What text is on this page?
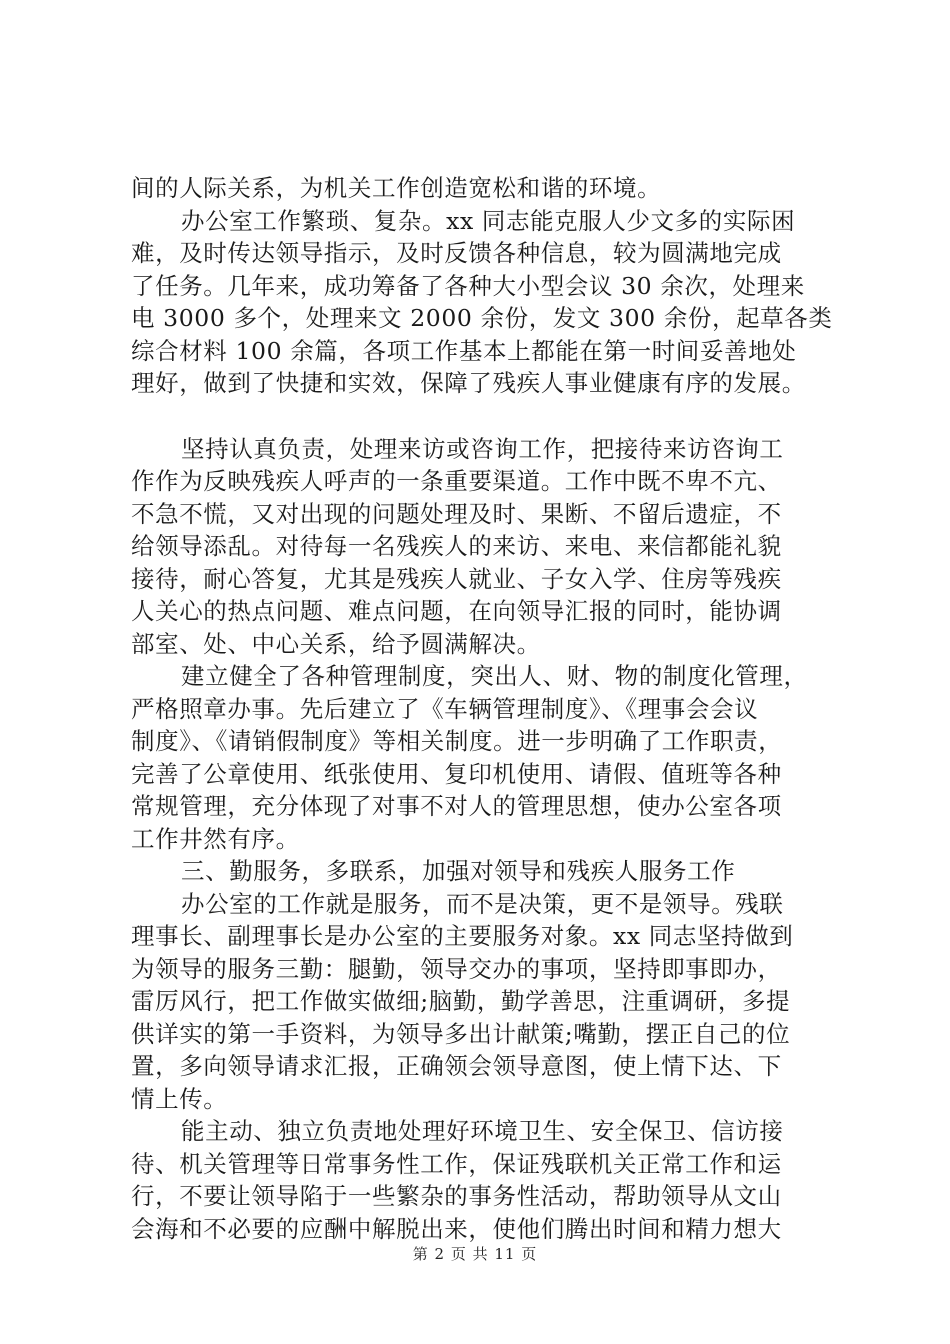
间的人际关系，为机关工作创造宽松和谐的环境。
办公室工作繁琐、复杂。xx 同志能克服人少文多的实际困
难，及时传达领导指示，及时反馈各种信息，较为圆满地完成
了任务。几年来，成功筹备了各种大小型会议 30 余次，处理来
电 3000 多个，处理来文 2000 余份，发文 300 余份，起草各类
综合材料 100 余篇，各项工作基本上都能在第一时间妥善地处
理好，做到了快捷和实效，保障了残疾人事业健康有序的发展。
坚持认真负责，处理来访或咨询工作，把接待来访咨询工
作作为反映残疾人呼声的一条重要渠道。工作中既不卑不亢、
不急不慌，又对出现的问题处理及时、果断、不留后遗症，不
给领导添乱。对待每一名残疾人的来访、来电、来信都能礼貌
接待，耐心答复，尤其是残疾人就业、子女入学、住房等残疾
人关心的热点问题、难点问题，在向领导汇报的同时，能协调
部室、处、中心关系，给予圆满解决。
建立健全了各种管理制度，突出人、财、物的制度化管理，
严格照章办事。先后建立了《车辆管理制度》、《理事会会议
制度》、《请销假制度》等相关制度。进一步明确了工作职责，
完善了公章使用、纸张使用、复印机使用、请假、值班等各种
常规管理，充分体现了对事不对人的管理思想，使办公室各项
工作井然有序。
三、勤服务，多联系，加强对领导和残疾人服务工作
办公室的工作就是服务，而不是决策，更不是领导。残联
理事长、副理事长是办公室的主要服务对象。xx 同志坚持做到
为领导的服务三勤：腿勤，领导交办的事项，坚持即事即办，
雷厉风行，把工作做实做细;脑勤，勤学善思，注重调研，多提
供详实的第一手资料，为领导多出计献策;嘴勤，摆正自己的位
置，多向领导请求汇报，正确领会领导意图，使上情下达、下
情上传。
能主动、独立负责地处理好环境卫生、安全保卫、信访接
待、机关管理等日常事务性工作，保证残联机关正常工作和运
行，不要让领导陷于一些繁杂的事务性活动，帮助领导从文山
会海和不必要的应酬中解脱出来，使他们腾出时间和精力想大
第 2 页 共 11 页
